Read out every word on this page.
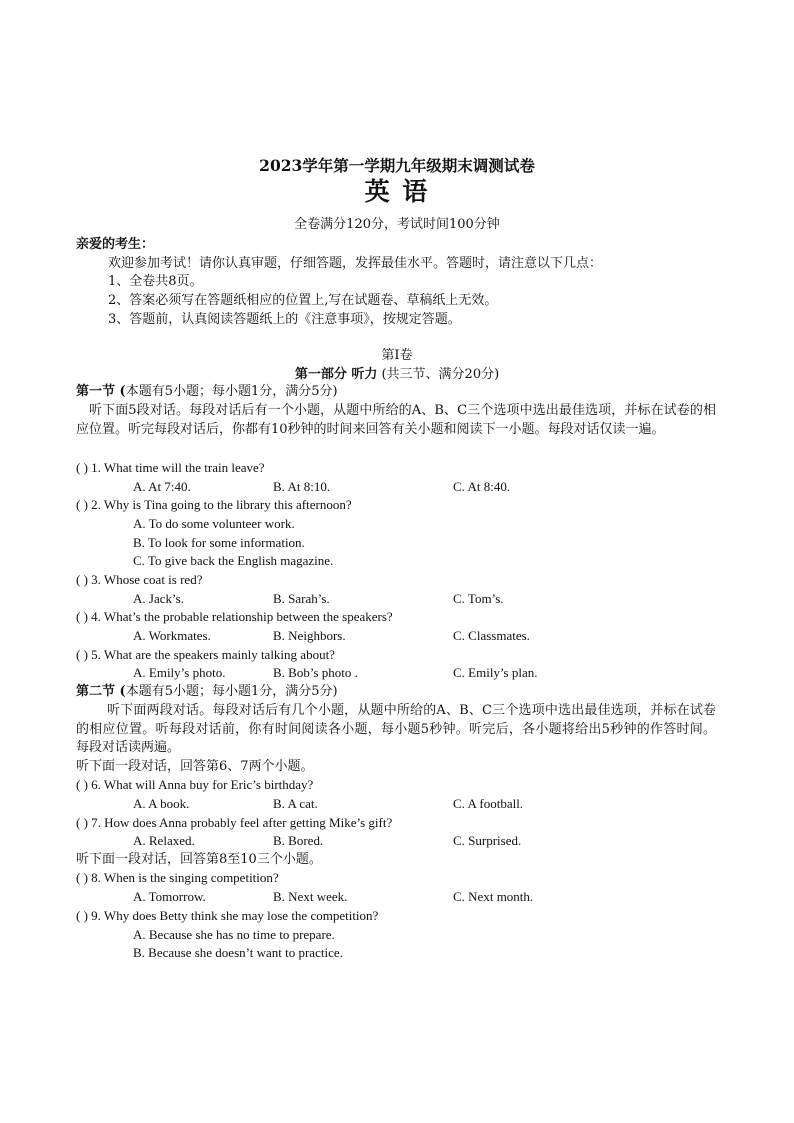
2023学年第一学期九年级期末调测试卷
英 语
全卷满分120分，考试时间100分钟
亲爱的考生：
欢迎参加考试！请你认真审题，仔细答题，发挥最佳水平。答题时，请注意以下几点：
1、全卷共8页。
2、答案必须写在答题纸相应的位置上,写在试题卷、草稿纸上无效。
3、答题前，认真阅读答题纸上的《注意事项》，按规定答题。
第Ⅰ卷
第一部分 听力 (共三节、满分20分)
第一节 (本题有5小题；每小题1分，满分5分)
听下面5段对话。每段对话后有一个小题，从题中所给的A、B、C三个选项中选出最佳选项，并标在试卷的相应位置。听完每段对话后，你都有10秒钟的时间来回答有关小题和阅读下一小题。每段对话仅读一遍。
( ) 1. What time will the train leave?
A. At 7:40.	B. At 8:10.	C. At 8:40.
( ) 2. Why is Tina going to the library this afternoon?
A. To do some volunteer work.
B. To look for some information.
C. To give back the English magazine.
( ) 3. Whose coat is red?
A. Jack’s.	B. Sarah’s.	C. Tom’s.
( ) 4. What’s the probable relationship between the speakers?
A. Workmates.	B. Neighbors.	C. Classmates.
( ) 5. What are the speakers mainly talking about?
A. Emily’s photo.	B. Bob’s photo .	C. Emily’s plan.
第二节 (本题有5小题；每小题1分，满分5分)
听下面两段对话。每段对话后有几个小题，从题中所给的A、B、C三个选项中选出最佳选项，并标在试卷的相应位置。听每段对话前，你有时间阅读各小题，每小题5秒钟。听完后，各小题将给出5秒钟的作答时间。每段对话读两遍。
听下面一段对话，回答第6、7两个小题。
( ) 6. What will Anna buy for Eric’s birthday?
A. A book.	B. A cat.	C. A football.
( ) 7. How does Anna probably feel after getting Mike’s gift?
A. Relaxed.	B. Bored.	C. Surprised.
听下面一段对话，回答第8至10三个小题。
( ) 8. When is the singing competition?
A. Tomorrow.	B. Next week.	C. Next month.
( ) 9. Why does Betty think she may lose the competition?
A. Because she has no time to prepare.
B. Because she doesn’t want to practice.
